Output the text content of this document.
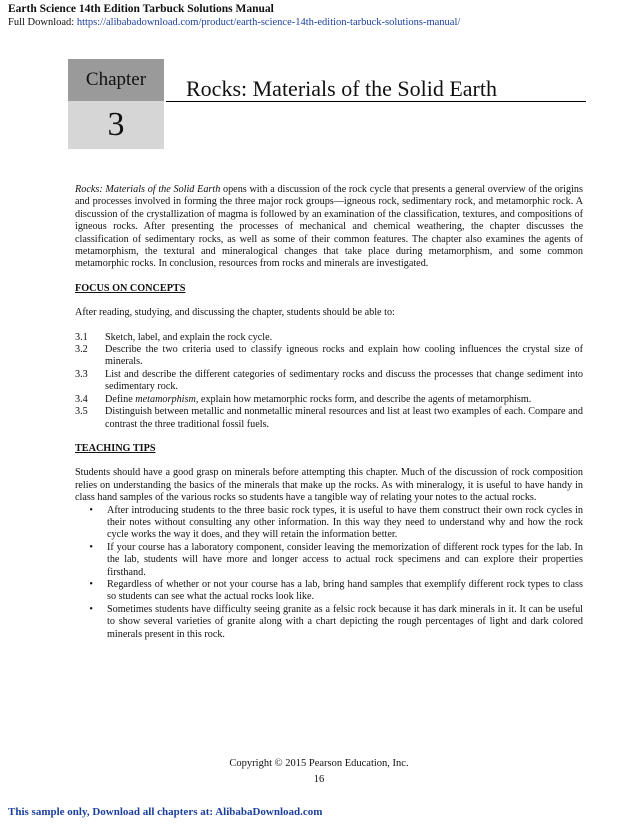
Earth Science 14th Edition Tarbuck Solutions Manual
Full Download: https://alibabadownload.com/product/earth-science-14th-edition-tarbuck-solutions-manual/
Chapter
3
Rocks: Materials of the Solid Earth

Rocks: Materials of the Solid Earth opens with a discussion of the rock cycle that presents a general overview of the origins and processes involved in forming the three major rock groups—igneous rock, sedimentary rock, and metamorphic rock. A discussion of the crystallization of magma is followed by an examination of the classification, textures, and compositions of igneous rocks. After presenting the processes of mechanical and chemical weathering, the chapter discusses the classification of sedimentary rocks, as well as some of their common features. The chapter also examines the agents of metamorphism, the textural and mineralogical changes that take place during metamorphism, and some common metamorphic rocks. In conclusion, resources from rocks and minerals are investigated.

FOCUS ON CONCEPTS

After reading, studying, and discussing the chapter, students should be able to:

3.1	Sketch, label, and explain the rock cycle.
3.2	Describe the two criteria used to classify igneous rocks and explain how cooling influences the crystal size of minerals.
3.3	List and describe the different categories of sedimentary rocks and discuss the processes that change sediment into sedimentary rock.
3.4	Define metamorphism, explain how metamorphic rocks form, and describe the agents of metamorphism.
3.5	Distinguish between metallic and nonmetallic mineral resources and list at least two examples of each. Compare and contrast the three traditional fossil fuels.

TEACHING TIPS

Students should have a good grasp on minerals before attempting this chapter. Much of the discussion of rock composition relies on understanding the basics of the minerals that make up the rocks. As with mineralogy, it is useful to have handy in class hand samples of the various rocks so students have a tangible way of relating your notes to the actual rocks.

•	After introducing students to the three basic rock types, it is useful to have them construct their own rock cycles in their notes without consulting any other information. In this way they need to understand why and how the rock cycle works the way it does, and they will retain the information better.
•	If your course has a laboratory component, consider leaving the memorization of different rock types for the lab. In the lab, students will have more and longer access to actual rock specimens and can explore their properties firsthand.
•	Regardless of whether or not your course has a lab, bring hand samples that exemplify different rock types to class so students can see what the actual rocks look like.
•	Sometimes students have difficulty seeing granite as a felsic rock because it has dark minerals in it. It can be useful to show several varieties of granite along with a chart depicting the rough percentages of light and dark colored minerals present in this rock.
Copyright © 2015 Pearson Education, Inc.
16
This sample only, Download all chapters at: AlibabaDownload.com
